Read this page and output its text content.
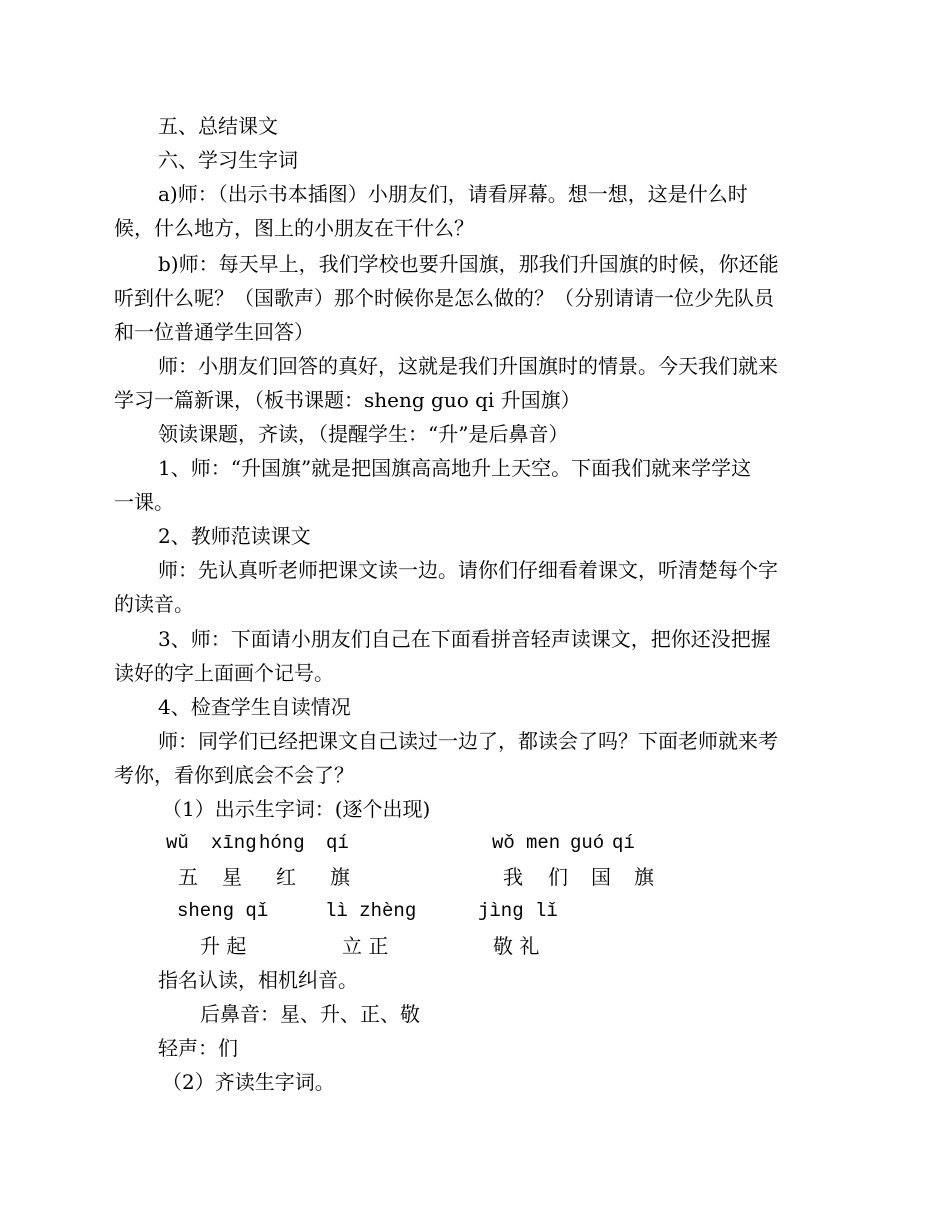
五、总结课文
六、学习生字词
a)师：（出示书本插图）小朋友们，请看屏幕。想一想，这是什么时
候，什么地方，图上的小朋友在干什么？
b)师：每天早上，我们学校也要升国旗，那我们升国旗的时候，你还能
听到什么呢？（国歌声）那个时候你是怎么做的？（分别请请一位少先队员
和一位普通学生回答）
师：小朋友们回答的真好，这就是我们升国旗时的情景。今天我们就来
学习一篇新课，（板书课题：sheng guo qi 升国旗）
领读课题，齐读，（提醒学生：“升”是后鼻音）
1、师：“升国旗”就是把国旗高高地升上天空。下面我们就来学学这
一课。
2、教师范读课文
师：先认真听老师把课文读一边。请你们仔细看着课文，听清楚每个字
的读音。
3、师：下面请小朋友们自己在下面看拼音轻声读课文，把你还没把握
读好的字上面画个记号。
4、检查学生自读情况
师：同学们已经把课文自己读过一边了，都读会了吗？下面老师就来考
考你，看你到底会不会了？
（1）出示生字词：(逐个出现)
wǔ xīng hóng qí	wǒ men guó qí
五 星 红 旗	我 们 国 旗
shenɡ qǐ	lì zhènɡ	jìnɡ lǐ
升 起	立 正	敬 礼
指名认读，相机纠音。
后鼻音：星、升、正、敬
轻声：们
（2）齐读生字词。
